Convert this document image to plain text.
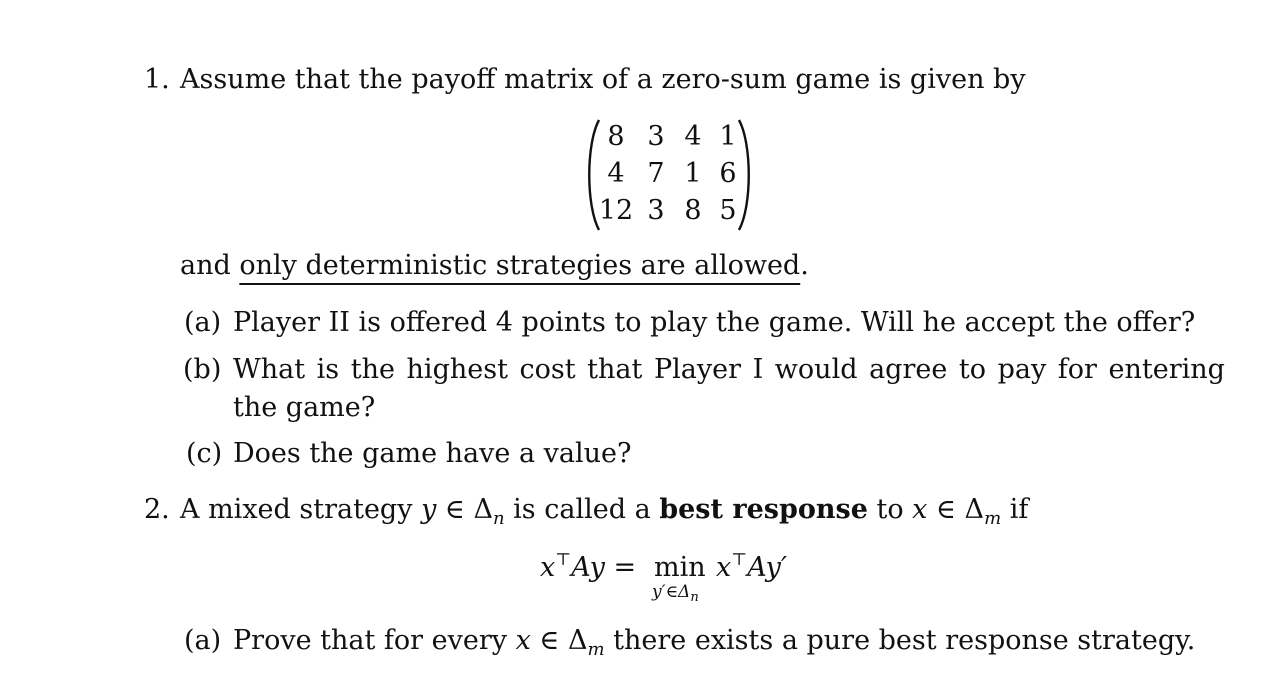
1. Assume that the payoff matrix of a zero-sum game is given by
8 3 4 1
4 7 1 6
12 3 8 5
and only deterministic strategies are allowed.
(a) Player II is offered 4 points to play the game. Will he accept the offer?
(b) What is the highest cost that Player I would agree to pay for entering
the game?
(c) Does the game have a value?
2. A mixed strategy y ∈ $\Delta_n$ is called a best response to x ∈ $\Delta_m$ if
x⊤Ay = min
$y'\in\Delta_n$
x⊤Ay′
(a) Prove that for every x ∈ $\Delta_m$ there exists a pure best response strategy.
